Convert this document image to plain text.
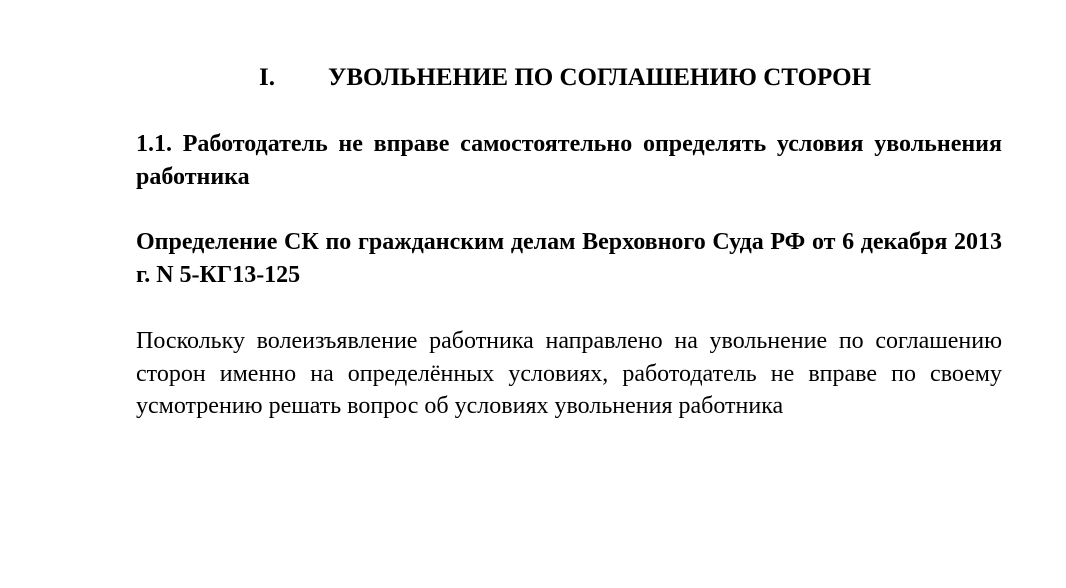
I. УВОЛЬНЕНИЕ ПО СОГЛАШЕНИЮ СТОРОН
1.1. Работодатель не вправе самостоятельно определять условия увольнения работника
Определение СК по гражданским делам Верховного Суда РФ от 6 декабря 2013 г. N 5-КГ13-125
Поскольку волеизъявление работника направлено на увольнение по соглашению сторон именно на определённых условиях, работодатель не вправе по своему усмотрению решать вопрос об условиях увольнения работника
